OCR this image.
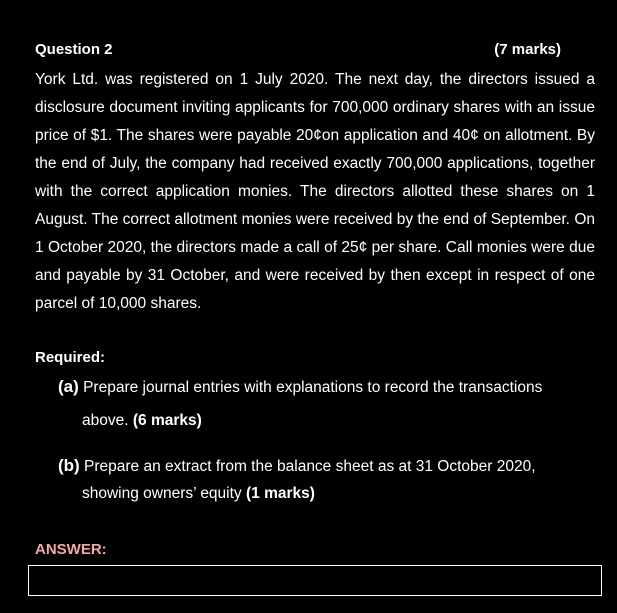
Question 2	(7 marks)

York Ltd. was registered on 1 July 2020. The next day, the directors issued a disclosure document inviting applicants for 700,000 ordinary shares with an issue price of $1. The shares were payable 20¢on application and 40¢ on allotment. By the end of July, the company had received exactly 700,000 applications, together with the correct application monies. The directors allotted these shares on 1 August. The correct allotment monies were received by the end of September. On 1 October 2020, the directors made a call of 25¢ per share. Call monies were due and payable by 31 October, and were received by then except in respect of one parcel of 10,000 shares.

Required:
(a) Prepare journal entries with explanations to record the transactions
above. (6 marks)
(b) Prepare an extract from the balance sheet as at 31 October 2020,
showing owners’ equity (1 marks)
ANSWER:
